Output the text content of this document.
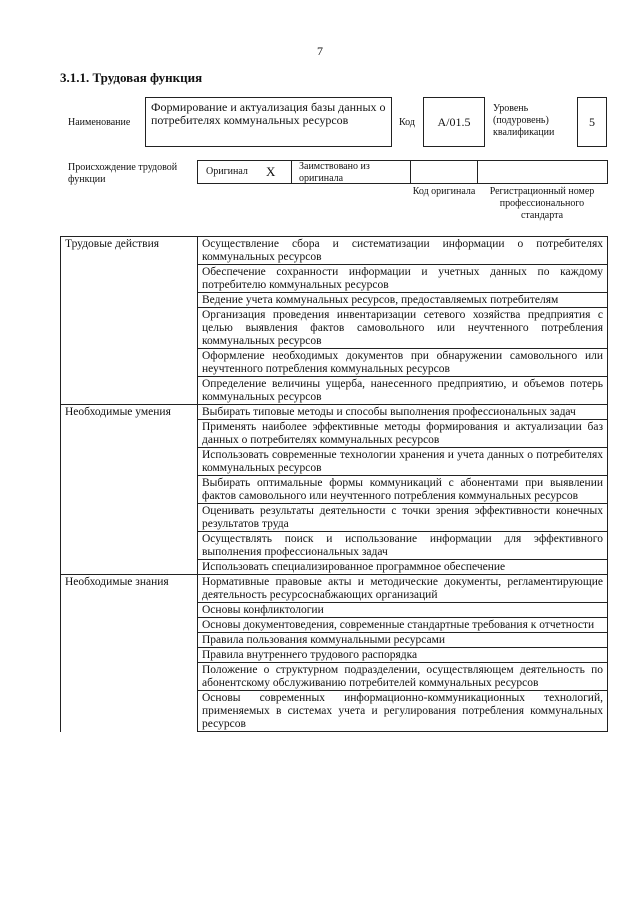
7
3.1.1. Трудовая функция
Наименование
Формирование и актуализация базы данных о потребителях коммунальных ресурсов	Код	A/01.5
Уровень (подуровень) квалификации
5
Происхождение трудовой функции
Оригинал X Заимствовано из оригинала
Код оригинала	Регистрационный номер профессионального стандарта
Трудовые действия	Осуществление сбора и систематизации информации о потребителях коммунальных ресурсов
	Обеспечение сохранности информации и учетных данных по каждому потребителю коммунальных ресурсов
	Ведение учета коммунальных ресурсов, предоставляемых потребителям
	Организация проведения инвентаризации сетевого хозяйства предприятия с целью выявления фактов самовольного или неучтенного потребления коммунальных ресурсов
	Оформление необходимых документов при обнаружении самовольного или неучтенного потребления коммунальных ресурсов
	Определение величины ущерба, нанесенного предприятию, и объемов потерь коммунальных ресурсов
Необходимые умения	Выбирать типовые методы и способы выполнения профессиональных задач
	Применять наиболее эффективные методы формирования и актуализации баз данных о потребителях коммунальных ресурсов
	Использовать современные технологии хранения и учета данных о потребителях коммунальных ресурсов
	Выбирать оптимальные формы коммуникаций с абонентами при выявлении фактов самовольного или неучтенного потребления коммунальных ресурсов
	Оценивать результаты деятельности с точки зрения эффективности конечных результатов труда
	Осуществлять поиск и использование информации для эффективного выполнения профессиональных задач
	Использовать специализированное программное обеспечение
Необходимые знания	Нормативные правовые акты и методические документы, регламентирующие деятельность ресурсоснабжающих организаций
	Основы конфликтологии
	Основы документоведения, современные стандартные требования к отчетности
	Правила пользования коммунальными ресурсами
	Правила внутреннего трудового распорядка
	Положение о структурном подразделении, осуществляющем деятельность по абонентскому обслуживанию потребителей коммунальных ресурсов
	Основы современных информационно-коммуникационных технологий, применяемых в системах учета и регулирования потребления коммунальных ресурсов
